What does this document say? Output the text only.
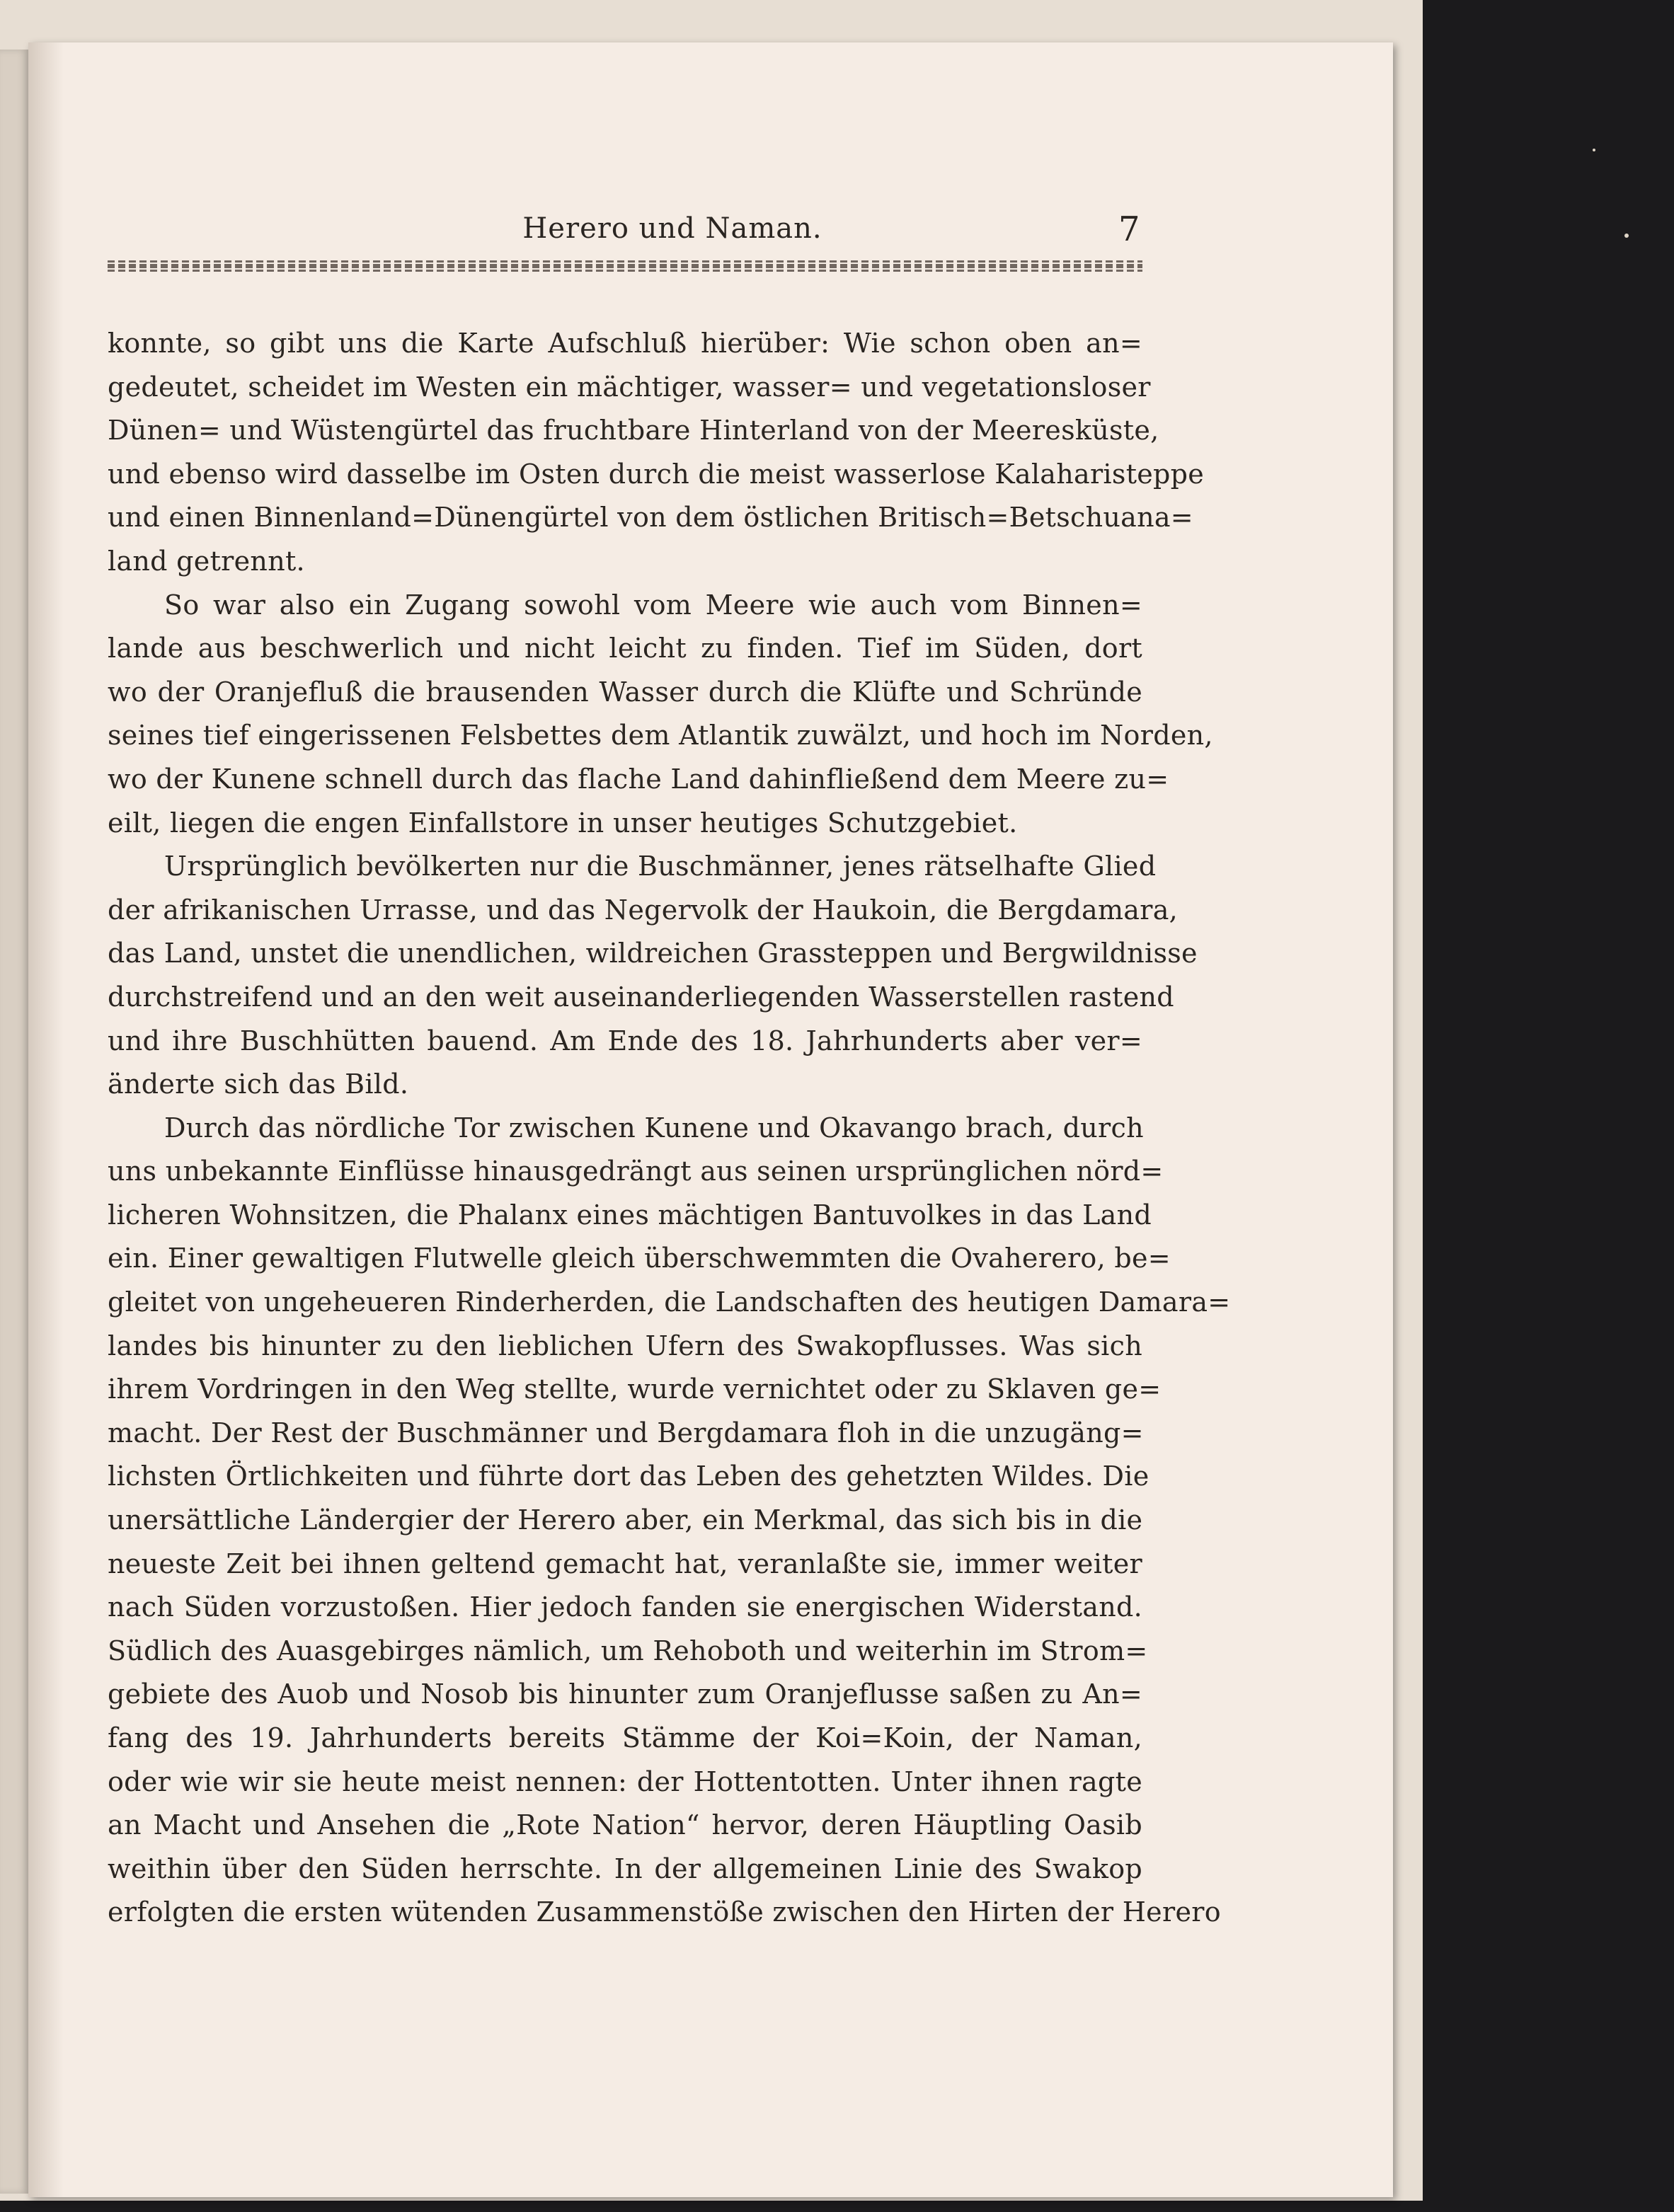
Herero und Naman.	7
konnte, so gibt uns die Karte Aufschluß hierüber: Wie schon oben an=
gedeutet, scheidet im Westen ein mächtiger, wasser= und vegetationsloser
Dünen= und Wüstengürtel das fruchtbare Hinterland von der Meeresküste,
und ebenso wird dasselbe im Osten durch die meist wasserlose Kalaharisteppe
und einen Binnenland=Dünengürtel von dem östlichen Britisch=Betschuana=
land getrennt.
So war also ein Zugang sowohl vom Meere wie auch vom Binnen=
lande aus beschwerlich und nicht leicht zu finden. Tief im Süden, dort
wo der Oranjefluß die brausenden Wasser durch die Klüfte und Schründe
seines tief eingerissenen Felsbettes dem Atlantik zuwälzt, und hoch im Norden,
wo der Kunene schnell durch das flache Land dahinfließend dem Meere zu=
eilt, liegen die engen Einfallstore in unser heutiges Schutzgebiet.
Ursprünglich bevölkerten nur die Buschmänner, jenes rätselhafte Glied
der afrikanischen Urrasse, und das Negervolk der Haukoin, die Bergdamara,
das Land, unstet die unendlichen, wildreichen Grassteppen und Bergwildnisse
durchstreifend und an den weit auseinanderliegenden Wasserstellen rastend
und ihre Buschhütten bauend. Am Ende des 18. Jahrhunderts aber ver=
änderte sich das Bild.
Durch das nördliche Tor zwischen Kunene und Okavango brach, durch
uns unbekannte Einflüsse hinausgedrängt aus seinen ursprünglichen nörd=
licheren Wohnsitzen, die Phalanx eines mächtigen Bantuvolkes in das Land
ein. Einer gewaltigen Flutwelle gleich überschwemmten die Ovaherero, be=
gleitet von ungeheueren Rinderherden, die Landschaften des heutigen Damara=
landes bis hinunter zu den lieblichen Ufern des Swakopflusses. Was sich
ihrem Vordringen in den Weg stellte, wurde vernichtet oder zu Sklaven ge=
macht. Der Rest der Buschmänner und Bergdamara floh in die unzugäng=
lichsten Örtlichkeiten und führte dort das Leben des gehetzten Wildes. Die
unersättliche Ländergier der Herero aber, ein Merkmal, das sich bis in die
neueste Zeit bei ihnen geltend gemacht hat, veranlaßte sie, immer weiter
nach Süden vorzustoßen. Hier jedoch fanden sie energischen Widerstand.
Südlich des Auasgebirges nämlich, um Rehoboth und weiterhin im Strom=
gebiete des Auob und Nosob bis hinunter zum Oranjeflusse saßen zu An=
fang des 19. Jahrhunderts bereits Stämme der Koi=Koin, der Naman,
oder wie wir sie heute meist nennen: der Hottentotten. Unter ihnen ragte
an Macht und Ansehen die „Rote Nation“ hervor, deren Häuptling Oasib
weithin über den Süden herrschte. In der allgemeinen Linie des Swakop
erfolgten die ersten wütenden Zusammenstöße zwischen den Hirten der Herero
